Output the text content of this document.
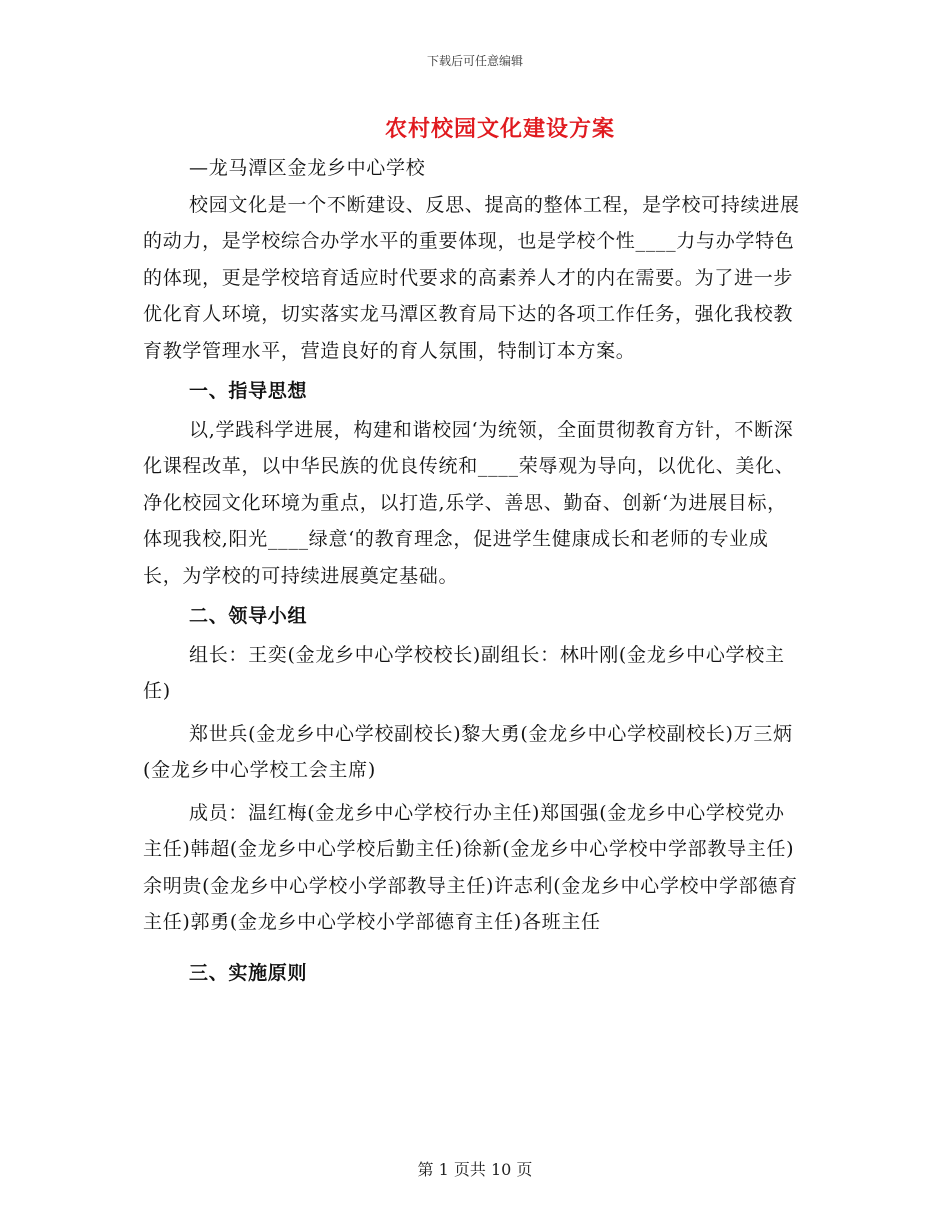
下载后可任意编辑
农村校园文化建设方案

—龙马潭区金龙乡中心学校

校园文化是一个不断建设、反思、提高的整体工程，是学校可持续进展的动力，是学校综合办学水平的重要体现，也是学校个性____力与办学特色的体现，更是学校培育适应时代要求的高素养人才的内在需要。为了进一步优化育人环境，切实落实龙马潭区教育局下达的各项工作任务，强化我校教育教学管理水平，营造良好的育人氛围，特制订本方案。

一、指导思想

以,学践科学进展，构建和谐校园‘为统领，全面贯彻教育方针，不断深化课程改革，以中华民族的优良传统和____荣辱观为导向，以优化、美化、净化校园文化环境为重点，以打造,乐学、善思、勤奋、创新‘为进展目标，体现我校,阳光____绿意‘的教育理念，促进学生健康成长和老师的专业成长，为学校的可持续进展奠定基础。

二、领导小组

组长：王奕(金龙乡中心学校校长)副组长：林叶刚(金龙乡中心学校主任)

郑世兵(金龙乡中心学校副校长)黎大勇(金龙乡中心学校副校长)万三炳(金龙乡中心学校工会主席)

成员：温红梅(金龙乡中心学校行办主任)郑国强(金龙乡中心学校党办主任)韩超(金龙乡中心学校后勤主任)徐新(金龙乡中心学校中学部教导主任)余明贵(金龙乡中心学校小学部教导主任)许志利(金龙乡中心学校中学部德育主任)郭勇(金龙乡中心学校小学部德育主任)各班主任

三、实施原则

第 1 页共 10 页
